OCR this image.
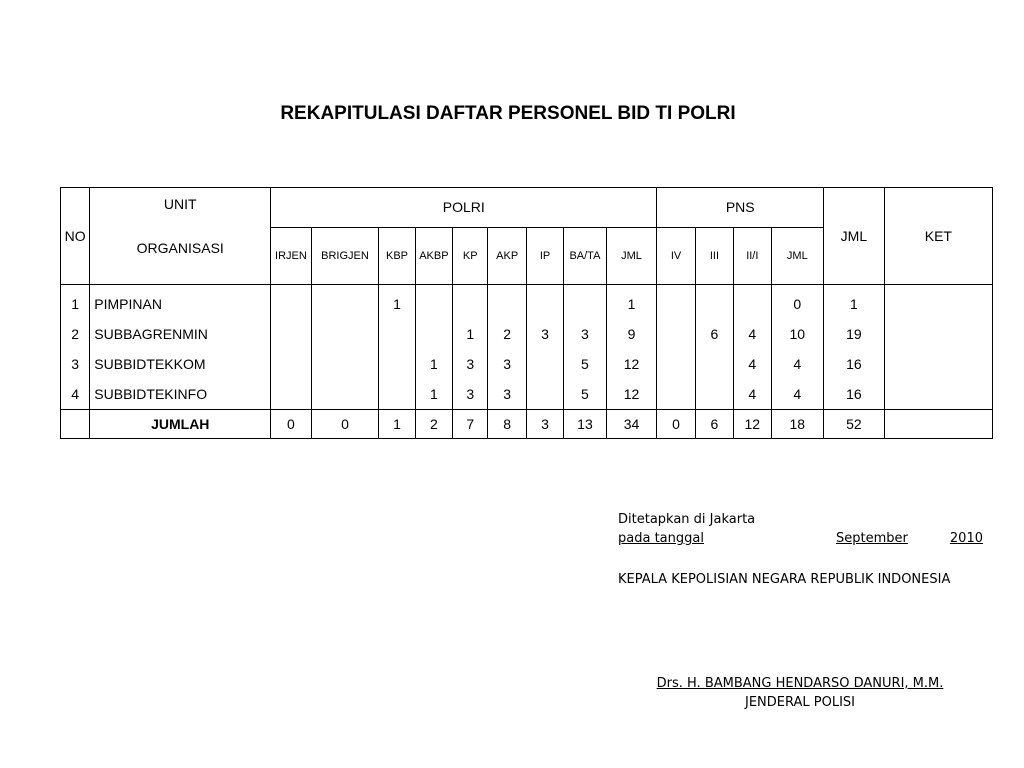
REKAPITULASI DAFTAR PERSONEL BID TI POLRI
NO	UNIT	POLRI									PNS				JML	KET
	ORGANISASI	IRJEN	BRIGJEN	KBP	AKBP	KP	AKP	IP	BA/TA	JML	IV	III	II/I	JML		
1	PIMPINAN			1						1				0	1	
2	SUBBAGRENMIN					1	2	3	3	9		6	4	10	19	
3	SUBBIDTEKKOM				1	3	3		5	12			4	4	16	
4	SUBBIDTEKINFO				1	3	3		5	12			4	4	16	
	JUMLAH	0	0	1	2	7	8	3	13	34	0	6	12	18	52	
Ditetapkan di Jakarta
pada tanggal	September	2010
KEPALA KEPOLISIAN NEGARA REPUBLIK INDONESIA
Drs. H. BAMBANG HENDARSO DANURI, M.M.
JENDERAL POLISI
